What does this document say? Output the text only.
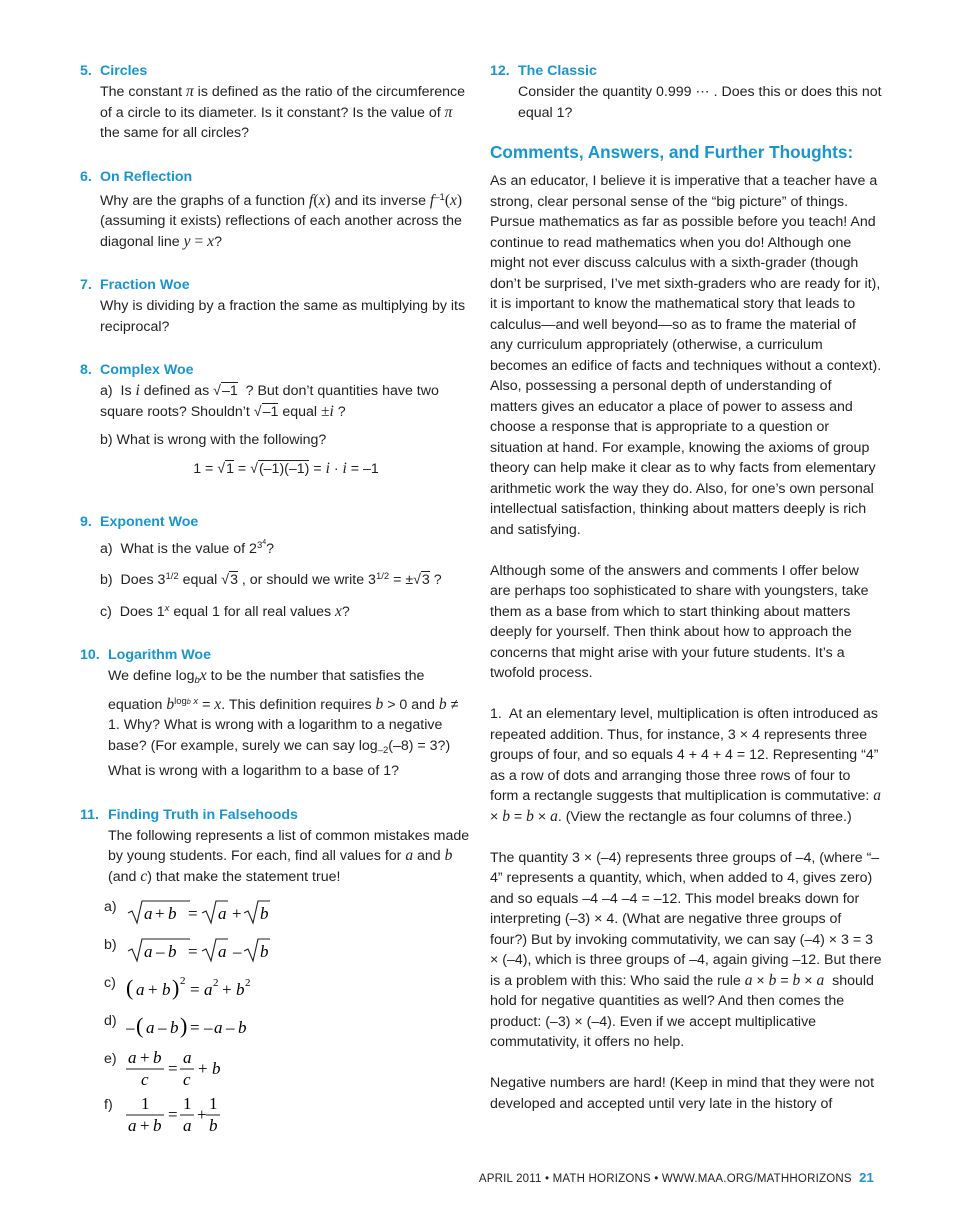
5. Circles
The constant π is defined as the ratio of the circumference of a circle to its diameter. Is it constant? Is the value of π the same for all circles?
6. On Reflection
Why are the graphs of a function f(x) and its inverse $f^{-1}(x)$ (assuming it exists) reflections of each another across the diagonal line y = x?
7. Fraction Woe
Why is dividing by a fraction the same as multiplying by its reciprocal?
8. Complex Woe
a)  Is i defined as √–1  ? But don’t quantities have two square roots? Shouldn’t √–1 equal ±i ?
b) What is wrong with the following?
1 = √1 = √(–1)(–1) = i · i = –1
9. Exponent Woe
a)  What is the value of $2^{3^4}$?
b)  Does $3^{1/2}$ equal √3 , or should we write $3^{1/2} = \pm√3$ ?
c)  Does 1$^x$ equal 1 for all real values x?
10. Logarithm Woe
We define $\log_bx$ to be the number that satisfies the equation $b^{logb x} = x$. This definition requires b > 0 and b ≠ 1. Why? What is wrong with a logarithm to a negative base? (For example, surely we can say $\log_{-2}(-8)$ = 3?) What is wrong with a logarithm to a base of 1?
11. Finding Truth in Falsehoods
The following represents a list of common mistakes made by young students. For each, find all values for a and b (and c) that make the statement true!
a)	a + b = a + b
b)	a – b = a – b
c) ( a + b ) 2 = a 2 + b 2
d) – ( a – b ) = – a – b
e) a + b
c
=
a
c
+ b
f)	1
a + b
=
1
a
+
1
b
12. The Classic
Consider the quantity 0.999 ⋯ . Does this or does this not equal 1?
Comments, Answers, and Further Thoughts:

As an educator, I believe it is imperative that a teacher have a strong, clear personal sense of the “big picture” of things. Pursue mathematics as far as possible before you teach! And continue to read mathematics when you do! Although one might not ever discuss calculus with a sixth-grader (though don’t be surprised, I’ve met sixth-graders who are ready for it), it is important to know the mathematical story that leads to calculus—and well beyond—so as to frame the material of any curriculum appropriately (otherwise, a curriculum becomes an edifice of facts and techniques without a context). Also, possessing a personal depth of understanding of matters gives an educator a place of power to assess and choose a response that is appropriate to a question or situation at hand. For example, knowing the axioms of group theory can help make it clear as to why facts from elementary arithmetic work the way they do. Also, for one’s own personal intellectual satisfaction, thinking about matters deeply is rich and satisfying.

Although some of the answers and comments I offer below are perhaps too sophisticated to share with youngsters, take them as a base from which to start thinking about matters deeply for yourself. Then think about how to approach the concerns that might arise with your future students. It’s a twofold process.

1.  At an elementary level, multiplication is often introduced as repeated addition. Thus, for instance, 3 × 4 represents three groups of four, and so equals 4 + 4 + 4 = 12. Representing “4” as a row of dots and arranging those three rows of four to form a rectangle suggests that multiplication is commutative: a × b = b × a. (View the rectangle as four columns of three.)

The quantity 3 × (–4) represents three groups of –4, (where “–4” represents a quantity, which, when added to 4, gives zero) and so equals –4 –4 –4 = –12. This model breaks down for interpreting (–3) × 4. (What are negative three groups of four?) But by invoking commutativity, we can say (–4) × 3 = 3 × (–4), which is three groups of –4, again giving –12. But there is a problem with this: Who said the rule a × b = b × a  should hold for negative quantities as well? And then comes the product: (–3) × (–4). Even if we accept multiplicative commutativity, it offers no help.

Negative numbers are hard! (Keep in mind that they were not developed and accepted until very late in the history of

APRIL 2011 • MATH HORIZONS • WWW.MAA.ORG/MATHHORIZONS 21
